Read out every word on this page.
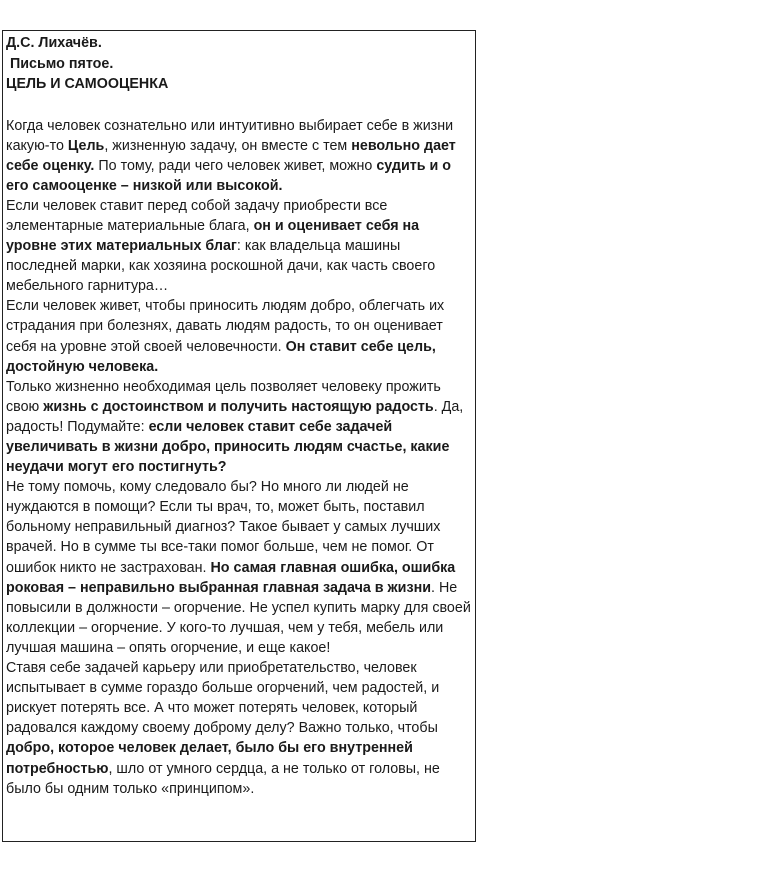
Д.С. Лихачёв.

Письмо пятое.

ЦЕЛЬ И САМООЦЕНКА

Когда человек сознательно или интуитивно выбирает себе в жизни какую-то Цель, жизненную задачу, он вместе с тем невольно дает себе оценку. По тому, ради чего человек живет, можно судить и о его самооценке – низкой или высокой.

Если человек ставит перед собой задачу приобрести все элементарные материальные блага, он и оценивает себя на уровне этих материальных благ: как владельца машины последней марки, как хозяина роскошной дачи, как часть своего мебельного гарнитура…

Если человек живет, чтобы приносить людям добро, облегчать их страдания при болезнях, давать людям радость, то он оценивает себя на уровне этой своей человечности. Он ставит себе цель, достойную человека.

Только жизненно необходимая цель позволяет человеку прожить свою жизнь с достоинством и получить настоящую радость. Да, радость! Подумайте: если человек ставит себе задачей увеличивать в жизни добро, приносить людям счастье, какие неудачи могут его постигнуть?

Не тому помочь, кому следовало бы? Но много ли людей не нуждаются в помощи? Если ты врач, то, может быть, поставил больному неправильный диагноз? Такое бывает у самых лучших врачей. Но в сумме ты все-таки помог больше, чем не помог. От ошибок никто не застрахован. Но самая главная ошибка, ошибка роковая – неправильно выбранная главная задача в жизни. Не повысили в должности – огорчение. Не успел купить марку для своей коллекции – огорчение. У кого-то лучшая, чем у тебя, мебель или лучшая машина – опять огорчение, и еще какое!

Ставя себе задачей карьеру или приобретательство, человек испытывает в сумме гораздо больше огорчений, чем радостей, и рискует потерять все. А что может потерять человек, который радовался каждому своему доброму делу? Важно только, чтобы добро, которое человек делает, было бы его внутренней потребностью, шло от умного сердца, а не только от головы, не было бы одним только «принципом».
